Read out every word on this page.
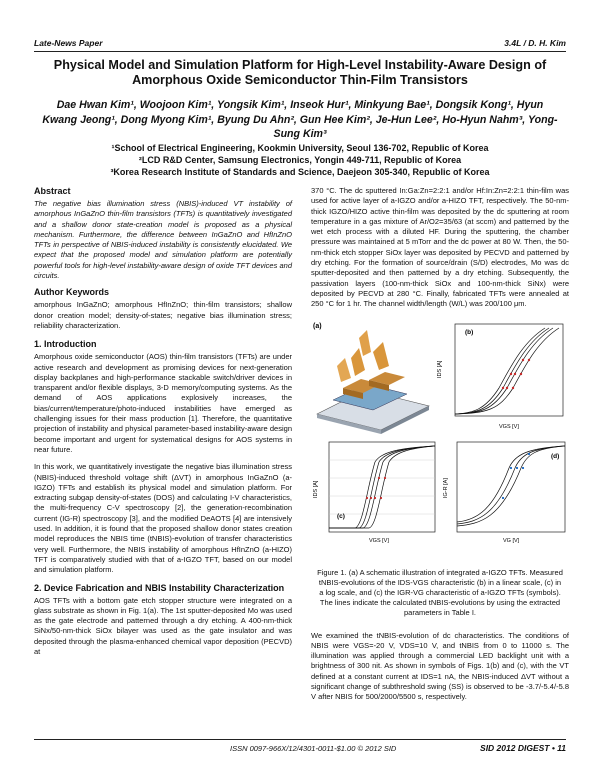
Late-News Paper	3.4L / D. H. Kim
Physical Model and Simulation Platform for High-Level Instability-Aware Design of Amorphous Oxide Semiconductor Thin-Film Transistors
Dae Hwan Kim¹, Woojoon Kim¹, Yongsik Kim¹, Inseok Hur¹, Minkyung Bae¹, Dongsik Kong¹, Hyun Kwang Jeong¹, Dong Myong Kim¹, Byung Du Ahn², Gun Hee Kim², Je-Hun Lee², Ho-Hyun Nahm³, Yong-Sung Kim³
¹School of Electrical Engineering, Kookmin University, Seoul 136-702, Republic of Korea
²LCD R&D Center, Samsung Electronics, Yongin 449-711, Republic of Korea
³Korea Research Institute of Standards and Science, Daejeon 305-340, Republic of Korea
Abstract

The negative bias illumination stress (NBIS)-induced VT instability of amorphous InGaZnO thin-film transistors (TFTs) is quantitatively investigated and a shallow donor state-creation model is proposed as a physical mechanism. Furthermore, the difference between InGaZnO and HfInZnO TFTs in perspective of NBIS-induced instability is consistently elucidated. We expect that the proposed model and simulation platform are potentially powerful tools for high-level instability-aware design of oxide TFT devices and circuits.

Author Keywords

amorphous InGaZnO; amorphous HfInZnO; thin-film transistors; shallow donor creation model; density-of-states; negative bias illumination stress; reliability characterization.

1. Introduction

Amorphous oxide semiconductor (AOS) thin-film transistors (TFTs) are under active research and development as promising devices for next-generation display backplanes and high-performance stackable switch/driver devices in transparent and/or flexible displays, 3-D memory/computing systems. As the demand of AOS applications explosively increases, the bias/current/temperature/photo-induced instabilities have emerged as challenging issues for their mass production [1]. Therefore, the quantitative projection of instability and physical parameter-based instability-aware design become important and urgent for systematical designs for AOS systems in near future.

In this work, we quantitatively investigate the negative bias illumination stress (NBIS)-induced threshold voltage shift (ΔVT) in amorphous InGaZnO (a-IGZO) TFTs and establish its physical model and simulation platform. For extracting subgap density-of-states (DOS) and calculating I-V characteristics, the multi-frequency C-V spectroscopy [2], the generation-recombination current (IG-R) spectroscopy [3], and the modified DeAOTS [4] are intensively used. In addition, it is found that the proposed shallow donor states creation model reproduces the NBIS time (tNBIS)-evolution of transfer characteristics very well. Furthermore, the NBIS instability of amorphous HfInZnO (a-HIZO) TFT is comparatively studied with that of a-IGZO TFT, based on our model and simulation platform.

2. Device Fabrication and NBIS Instability Characterization

AOS TFTs with a bottom gate etch stopper structure were integrated on a glass substrate as shown in Fig. 1(a). The 1st sputter-deposited Mo was used as the gate electrode and patterned through a dry etching. A 400-nm-thick SiNx/50-nm-thick SiOx bilayer was used as the gate insulator and was deposited through the plasma-enhanced chemical vapor deposition (PECVD) at

370 °C. The dc sputtered In:Ga:Zn=2:2:1 and/or Hf:In:Zn=2:2:1 thin-film was used for active layer of a-IGZO and/or a-HIZO TFT, respectively. The 50-nm-thick IGZO/HIZO active thin-film was deposited by the dc sputtering at room temperature in a gas mixture of Ar/O2=35/63 (at sccm) and patterned by the wet etch process with a diluted HF. During the sputtering, the chamber pressure was maintained at 5 mTorr and the dc power at 80 W. Then, the 50-nm-thick etch stopper SiOx layer was deposited by PECVD and patterned by dry etching. For the formation of source/drain (S/D) electrodes, Mo was dc sputter-deposited and then patterned by a dry etching. Subsequently, the passivation layers (100-nm-thick SiOx and 100-nm-thick SiNx) were deposited by PECVD at 280 °C. Finally, fabricated TFTs were annealed at 250 °C for 1 hr. The channel width/length (W/L) was 200/100 μm.

(a)
(b)
IDS [A]
VGS [V]
(c)
IDS [A]
VGS [V]
(d)
IG-R [A]
VG [V]
Figure 1. (a) A schematic illustration of integrated a-IGZO TFTs. Measured tNBIS-evolutions of the IDS-VGS characteristic (b) in a linear scale, (c) in a log scale, and (c) the IGR-VG characteristic of a-IGZO TFTs (symbols). The lines indicate the calculated tNBIS-evolutions by using the extracted parameters in Table I.

We examined the tNBIS-evolution of dc characteristics. The conditions of NBIS were VGS=-20 V, VDS=10 V, and tNBIS from 0 to 11000 s. The illumination was applied through a commercial LED backlight unit with a brightness of 300 nit. As shown in symbols of Figs. 1(b) and (c), with the VT defined at a constant current at IDS=1 nA, the NBIS-induced ΔVT without a significant change of subthreshold swing (SS) is observed to be -3.7/-5.4/-5.8 V after NBIS for 500/2000/5500 s, respectively.

ISSN 0097-966X/12/4301-0011-$1.00 © 2012 SID	SID 2012 DIGEST • 11
